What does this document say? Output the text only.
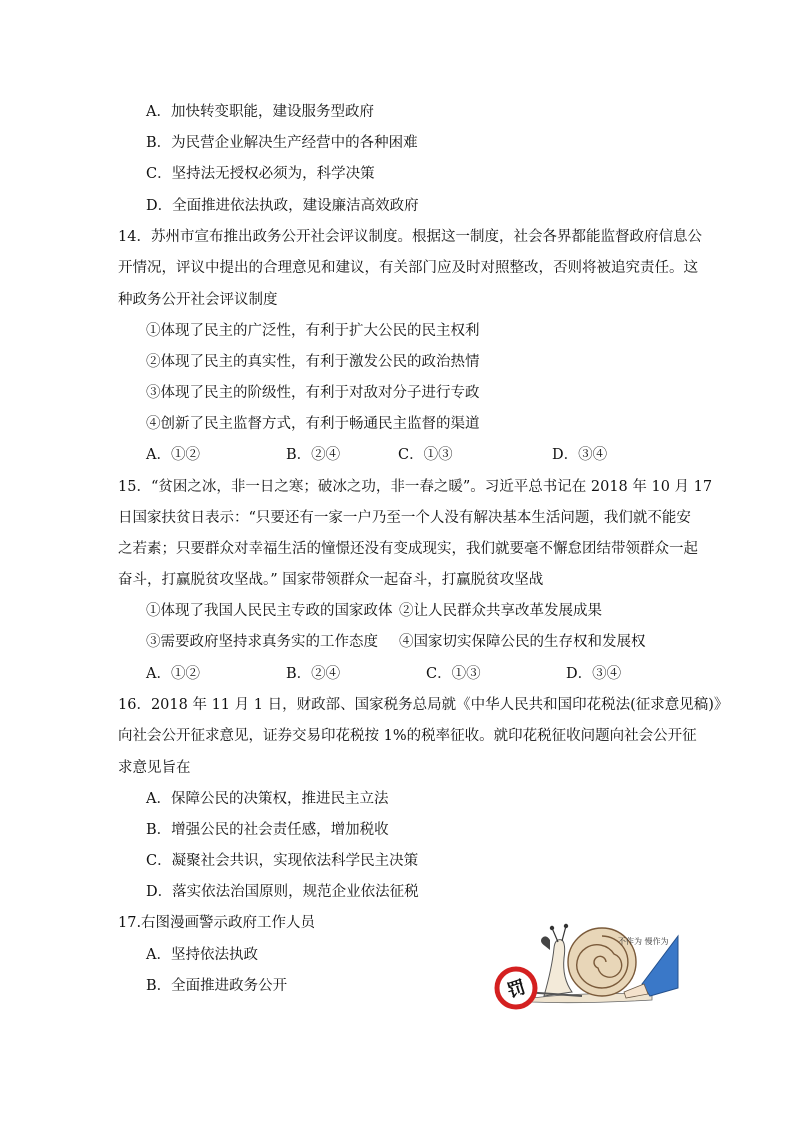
A．加快转变职能，建设服务型政府
B．为民营企业解决生产经营中的各种困难
C．坚持法无授权必须为，科学决策
D．全面推进依法执政，建设廉洁高效政府
14．苏州市宣布推出政务公开社会评议制度。根据这一制度，社会各界都能监督政府信息公
开情况，评议中提出的合理意见和建议，有关部门应及时对照整改，否则将被追究责任。这
种政务公开社会评议制度
①体现了民主的广泛性，有利于扩大公民的民主权利
②体现了民主的真实性，有利于激发公民的政治热情
③体现了民主的阶级性，有利于对敌对分子进行专政
④创新了民主监督方式，有利于畅通民主监督的渠道
A．①②	B．②④	C．①③	D．③④
15．“贫困之冰，非一日之寒；破冰之功，非一春之暖”。习近平总书记在 2018 年 10 月 17
日国家扶贫日表示：“只要还有一家一户乃至一个人没有解决基本生活问题，我们就不能安
之若素；只要群众对幸福生活的憧憬还没有变成现实，我们就要毫不懈怠团结带领群众一起
奋斗，打赢脱贫攻坚战。” 国家带领群众一起奋斗，打赢脱贫攻坚战
①体现了我国人民民主专政的国家政体 ②让人民群众共享改革发展成果
③需要政府坚持求真务实的工作态度 ④国家切实保障公民的生存权和发展权
A．①②	B．②④	C．①③	D．③④
16．2018 年 11 月 1 日，财政部、国家税务总局就《中华人民共和国印花税法(征求意见稿)》
向社会公开征求意见，证券交易印花税按 1%的税率征收。就印花税征收问题向社会公开征
求意见旨在
A．保障公民的决策权，推进民主立法
B．增强公民的社会责任感，增加税收
C．凝聚社会共识，实现依法科学民主决策
D．落实依法治国原则，规范企业依法征税
17.右图漫画警示政府工作人员
A．坚持依法执政
B．全面推进政务公开
不作为 慢作为
罚
